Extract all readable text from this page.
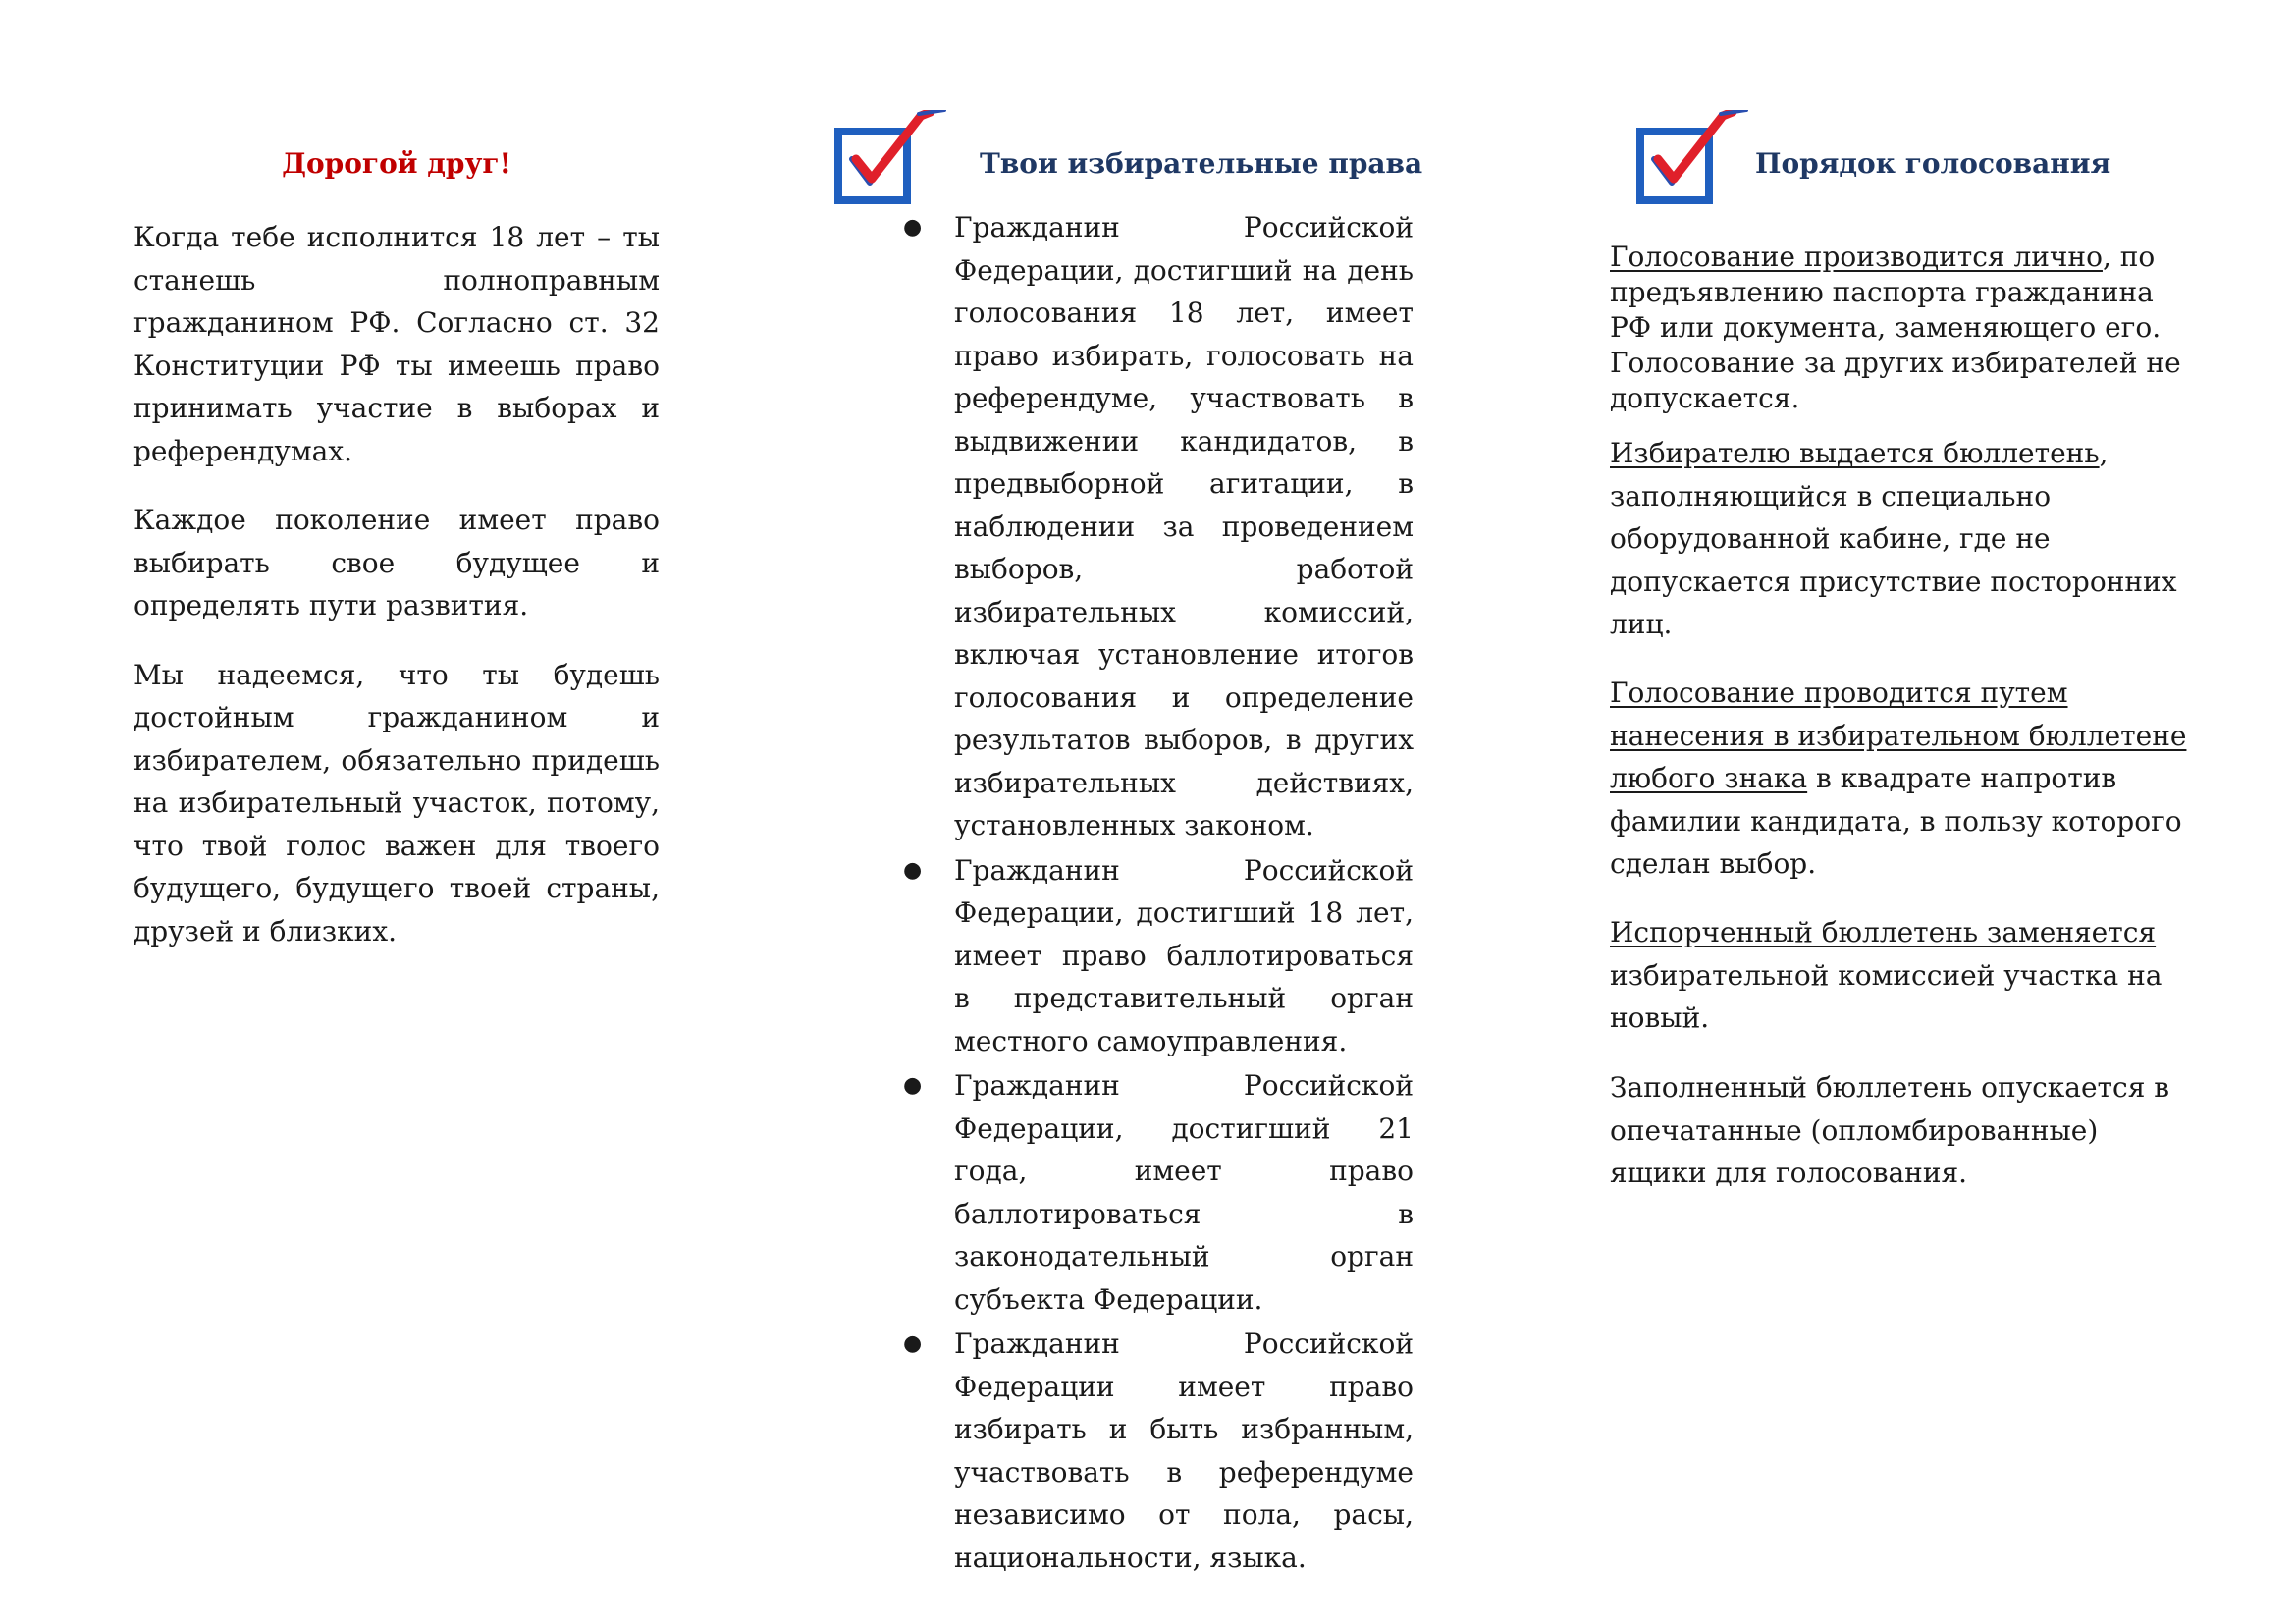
Дорогой друг!

Когда тебе исполнится 18 лет – ты станешь полноправным гражданином РФ. Согласно ст. 32 Конституции РФ ты имеешь право принимать участие в выборах и референдумах.

Каждое поколение имеет право выбирать свое будущее и определять пути развития.

Мы надеемся, что ты будешь достойным гражданином и избирателем, обязательно придешь на избирательный участок, потому, что твой голос важен для твоего будущего, будущего твоей страны, друзей и близких.

Твои избирательные права
● Гражданин Российской Федерации, достигший на день голосования 18 лет, имеет право избирать, голосовать на референдуме, участвовать в выдвижении кандидатов, в предвыборной агитации, в наблюдении за проведением выборов, работой избирательных комиссий, включая установление итогов голосования и определение результатов выборов, в других избирательных действиях, установленных законом.
● Гражданин Российской Федерации, достигший 18 лет, имеет право баллотироваться в представительный орган местного самоуправления.
● Гражданин Российской Федерации, достигший 21 года, имеет право баллотироваться в законодательный орган субъекта Федерации.
● Гражданин Российской Федерации имеет право избирать и быть избранным, участвовать в референдуме независимо от пола, расы, национальности, языка.
Порядок голосования
Голосование производится лично, по предъявлению паспорта гражданина РФ или документа, заменяющего его. Голосование за других избирателей не допускается.
Избирателю выдается бюллетень, заполняющийся в специально оборудованной кабине, где не допускается присутствие посторонних лиц.
Голосование проводится путем нанесения в избирательном бюллетене любого знака в квадрате напротив фамилии кандидата, в пользу которого сделан выбор.
Испорченный бюллетень заменяется избирательной комиссией участка на новый.
Заполненный бюллетень опускается в опечатанные (опломбированные) ящики для голосования.
